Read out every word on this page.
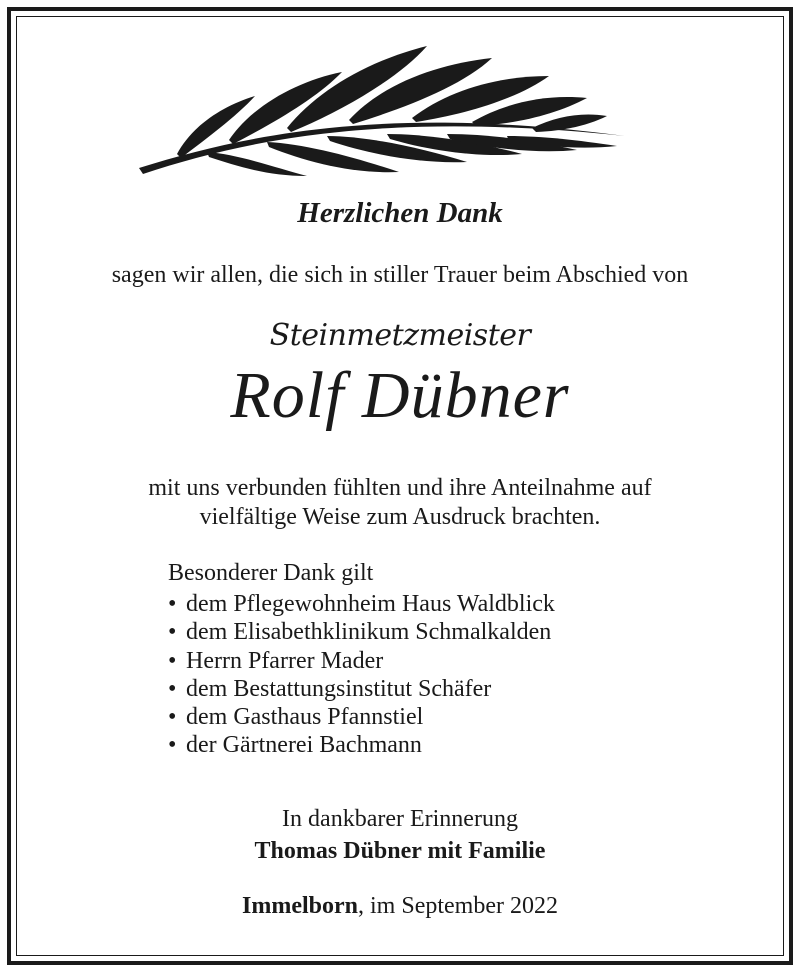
Herzlichen Dank
sagen wir allen, die sich in stiller Trauer beim Abschied von
Steinmetzmeister
Rolf Dübner
mit uns verbunden fühlten und ihre Anteilnahme auf
vielfältige Weise zum Ausdruck brachten.
Besonderer Dank gilt
• dem Pflegewohnheim Haus Waldblick
• dem Elisabethklinikum Schmalkalden
• Herrn Pfarrer Mader
• dem Bestattungsinstitut Schäfer
• dem Gasthaus Pfannstiel
• der Gärtnerei Bachmann
In dankbarer Erinnerung
Thomas Dübner mit Familie
Immelborn, im September 2022
